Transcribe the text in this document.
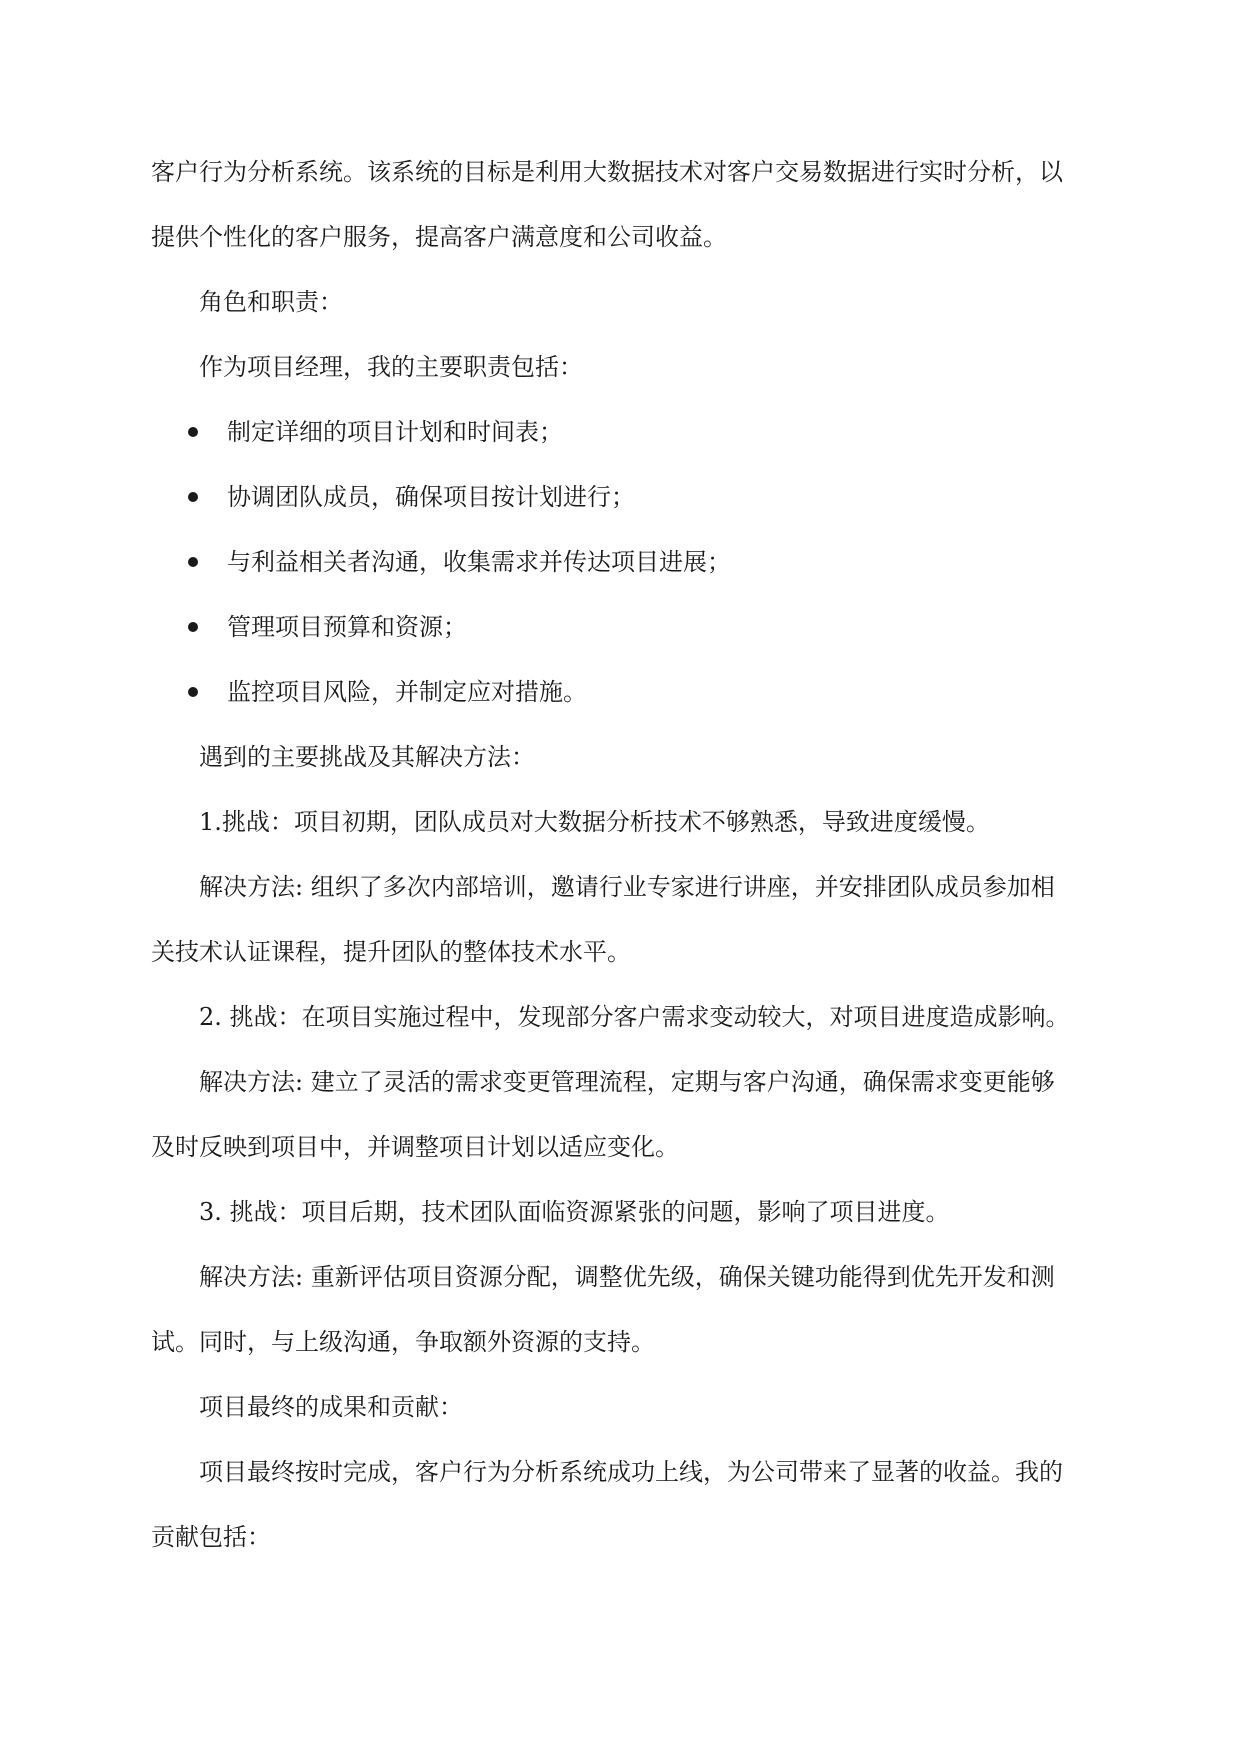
客户行为分析系统。该系统的目标是利用大数据技术对客户交易数据进行实时分析，以

提供个性化的客户服务，提高客户满意度和公司收益。

角色和职责：

作为项目经理，我的主要职责包括：

制定详细的项目计划和时间表；
协调团队成员，确保项目按计划进行；
与利益相关者沟通，收集需求并传达项目进展；
管理项目预算和资源；
监控项目风险，并制定应对措施。

遇到的主要挑战及其解决方法：

1.挑战：项目初期，团队成员对大数据分析技术不够熟悉，导致进度缓慢。

解决方法: 组织了多次内部培训，邀请行业专家进行讲座，并安排团队成员参加相

关技术认证课程，提升团队的整体技术水平。

2. 挑战：在项目实施过程中，发现部分客户需求变动较大，对项目进度造成影响。

解决方法: 建立了灵活的需求变更管理流程，定期与客户沟通，确保需求变更能够

及时反映到项目中，并调整项目计划以适应变化。

3. 挑战：项目后期，技术团队面临资源紧张的问题，影响了项目进度。

解决方法: 重新评估项目资源分配，调整优先级，确保关键功能得到优先开发和测

试。同时，与上级沟通，争取额外资源的支持。

项目最终的成果和贡献：

项目最终按时完成，客户行为分析系统成功上线，为公司带来了显著的收益。我的

贡献包括：
